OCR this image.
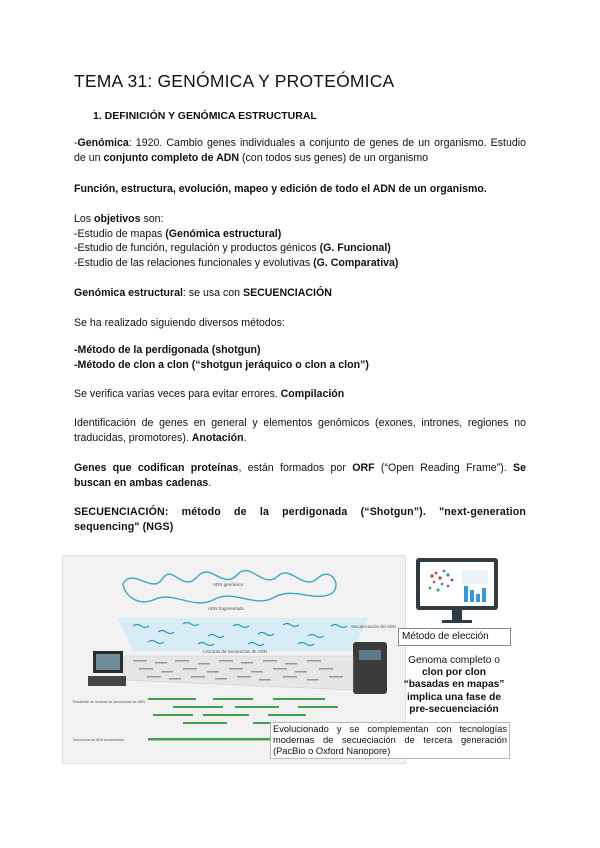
TEMA 31: GENÓMICA Y PROTEÓMICA
1. DEFINICIÓN Y GENÓMICA ESTRUCTURAL
-Genómica: 1920. Cambio genes individuales a conjunto de genes de un organismo. Estudio de un conjunto completo de ADN (con todos sus genes) de un organismo
Función, estructura, evolución, mapeo y edición de todo el ADN de un organismo.
Los objetivos son:
-Estudio de mapas (Genómica estructural)
-Estudio de función, regulación y productos génicos (G. Funcional)
-Estudio de las relaciones funcionales y evolutivas (G. Comparativa)
Genómica estructural: se usa con SECUENCIACIÓN
Se ha realizado siguiendo diversos métodos:
-Método de la perdigonada (shotgun)
-Método de clon a clon (“shotgun jeráquico o clon a clon”)
Se verifica varias veces para evitar errores. Compilación
Identificación de genes en general y elementos genómicos (exones, intrones, regiones no traducidas, promotores). Anotación.
Genes que codifican proteínas, están formados por ORF (“Open Reading Frame”). Se buscan en ambas cadenas.
SECUENCIACIÓN: método de la perdigonada (“Shotgun”). "next-generation sequencing" (NGS)
ADN genómico
ADN fragmentado
Secuenciación del ADN
Lecturas de secuencias de ADN
Ensamble de lecturas de secuencias de ADN
Secuencia de ADN ensamblada
Método de elección
Genoma completo o clon por clon “basadas en mapas” implica una fase de pre-secuenciación
Evolucionado y se complementan con tecnologías modernas de secueciación de tercera generación (PacBio o Oxford Nanopore)
